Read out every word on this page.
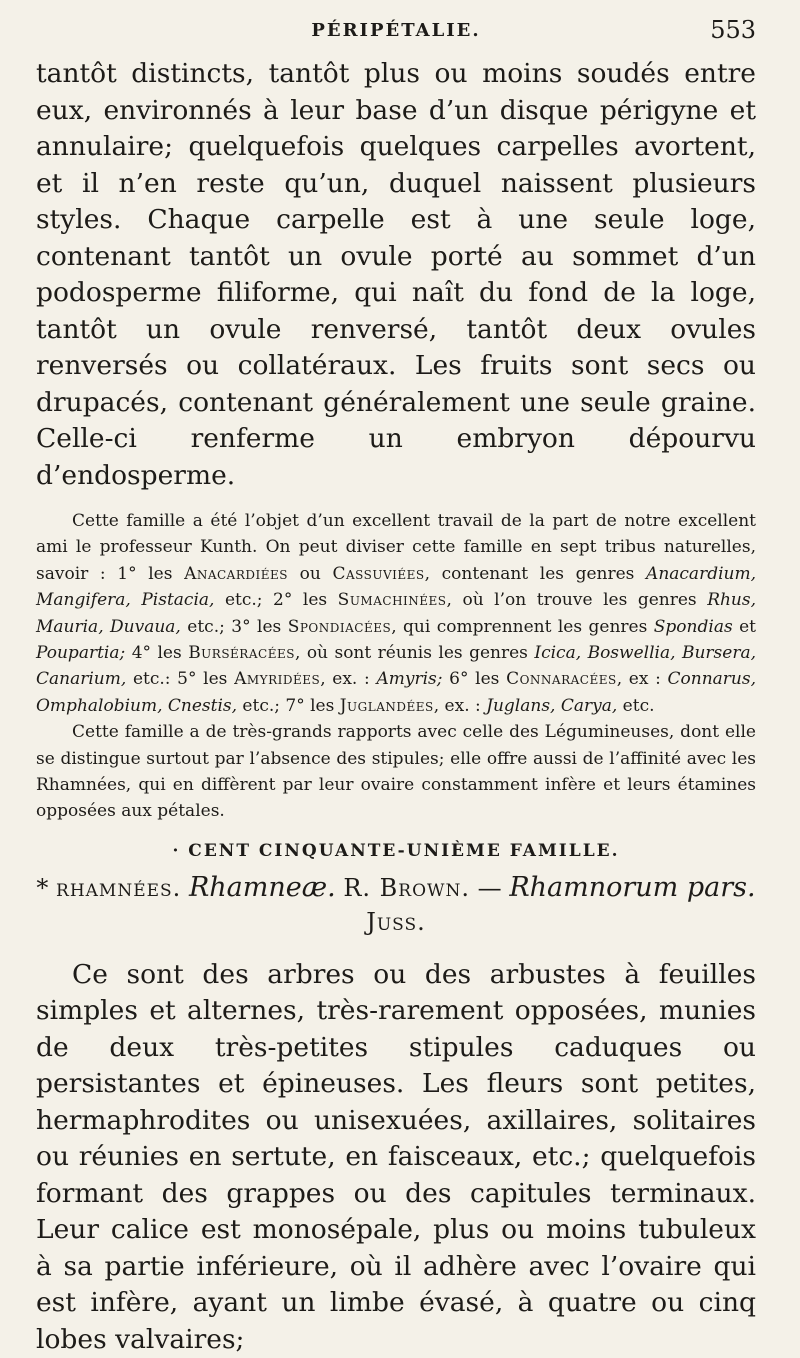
PÉRIPÉTALIE.	553

tantôt distincts, tantôt plus ou moins soudés entre eux, environnés à leur base d’un disque périgyne et annulaire; quelquefois quelques carpelles avortent, et il n’en reste qu’un, duquel naissent plusieurs styles. Chaque carpelle est à une seule loge, contenant tantôt un ovule porté au sommet d’un podosperme filiforme, qui naît du fond de la loge, tantôt un ovule renversé, tantôt deux ovules renversés ou collatéraux. Les fruits sont secs ou drupacés, contenant généralement une seule graine. Celle-ci renferme un embryon dépourvu d’endosperme.

Cette famille a été l’objet d’un excellent travail de la part de notre excellent ami le professeur Kunth. On peut diviser cette famille en sept tribus naturelles, savoir : 1° les Anacardiées ou Cassuviées, contenant les genres Anacardium, Mangifera, Pistacia, etc.; 2° les Sumachinées, où l’on trouve les genres Rhus, Mauria, Duvaua, etc.; 3° les Spondiacées, qui comprennent les genres Spondias et Poupartia; 4° les Burséracées, où sont réunis les genres Icica, Boswellia, Bursera, Canarium, etc.: 5° les Amyridées, ex. : Amyris; 6° les Connaracées, ex : Connarus, Omphalobium, Cnestis, etc.; 7° les Juglandées, ex. : Juglans, Carya, etc.

Cette famille a de très-grands rapports avec celle des Légumineuses, dont elle se distingue surtout par l’absence des stipules; elle offre aussi de l’affinité avec les Rhamnées, qui en diffèrent par leur ovaire constamment infère et leurs étamines opposées aux pétales.

· CENT CINQUANTE-UNIÈME FAMILLE.
* rhamnées. Rhamneæ. R. Brown. — Rhamnorum pars.
Juss.

Ce sont des arbres ou des arbustes à feuilles simples et alternes, très-rarement opposées, munies de deux très-petites stipules caduques ou persistantes et épineuses. Les fleurs sont petites, hermaphrodites ou unisexuées, axillaires, solitaires ou réunies en sertute, en faisceaux, etc.; quelquefois formant des grappes ou des capitules terminaux. Leur calice est monosépale, plus ou moins tubuleux à sa partie inférieure, où il adhère avec l’ovaire qui est infère, ayant un limbe évasé, à quatre ou cinq lobes valvaires;
